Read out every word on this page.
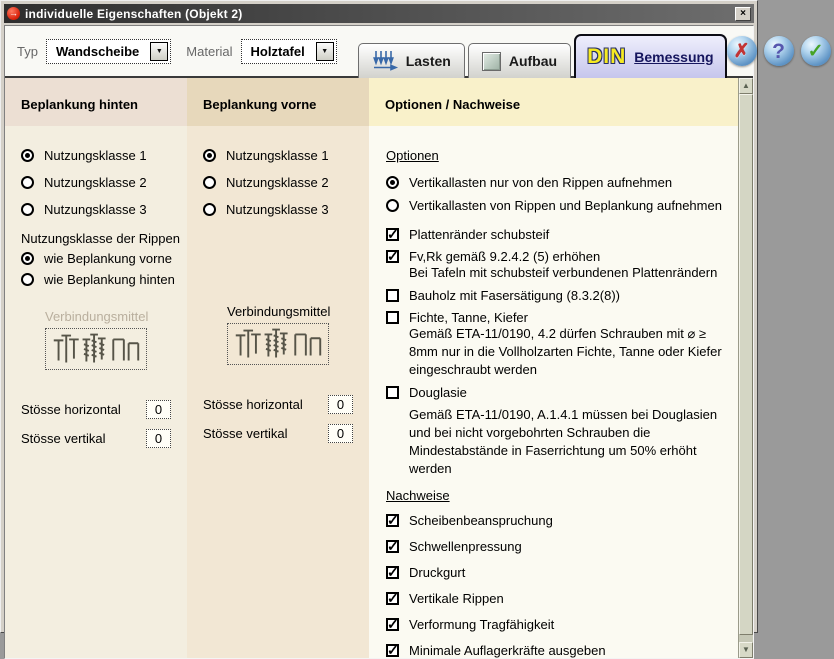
→ individuelle Eigenschaften (Objekt 2)	×
Typ Wandscheibe	▼	Material Holztafel	▼
Lasten	Aufbau DIN Bemessung ✗ ? ✓
Beplankung hinten
Nutzungsklasse 1
Nutzungsklasse 2
Nutzungsklasse 3
Nutzungsklasse der Rippen
wie Beplankung vorne
wie Beplankung hinten
Verbindungsmittel
Stösse horizontal	0
Stösse vertikal	0
Beplankung vorne
Nutzungsklasse 1
Nutzungsklasse 2
Nutzungsklasse 3
Verbindungsmittel
Stösse horizontal	0
Stösse vertikal	0
Optionen / Nachweise
Optionen
Vertikallasten nur von den Rippen aufnehmen
Vertikallasten von Rippen und Beplankung aufnehmen
✓
Plattenränder schubsteif
✓
Fv,Rk gemäß 9.2.4.2 (5) erhöhen
Bei Tafeln mit schubsteif verbundenen Plattenrändern
Bauholz mit Fasersätigung (8.3.2(8))
Fichte, Tanne, Kiefer
Gemäß ETA-11/0190, 4.2 dürfen Schrauben mit ⌀ ≥ 8mm nur in die Vollholzarten Fichte, Tanne oder Kiefer eingeschraubt werden
Douglasie
Gemäß ETA-11/0190, A.1.4.1 müssen bei Douglasien und bei nicht vorgebohrten Schrauben die Mindestabstände in Faserrichtung um 50% erhöht werden
Nachweise
✓
Scheibenbeanspruchung
✓
Schwellenpressung
✓
Druckgurt
✓
Vertikale Rippen
✓
Verformung Tragfähigkeit
✓
Minimale Auflagerkräfte ausgeben
▲
▼
